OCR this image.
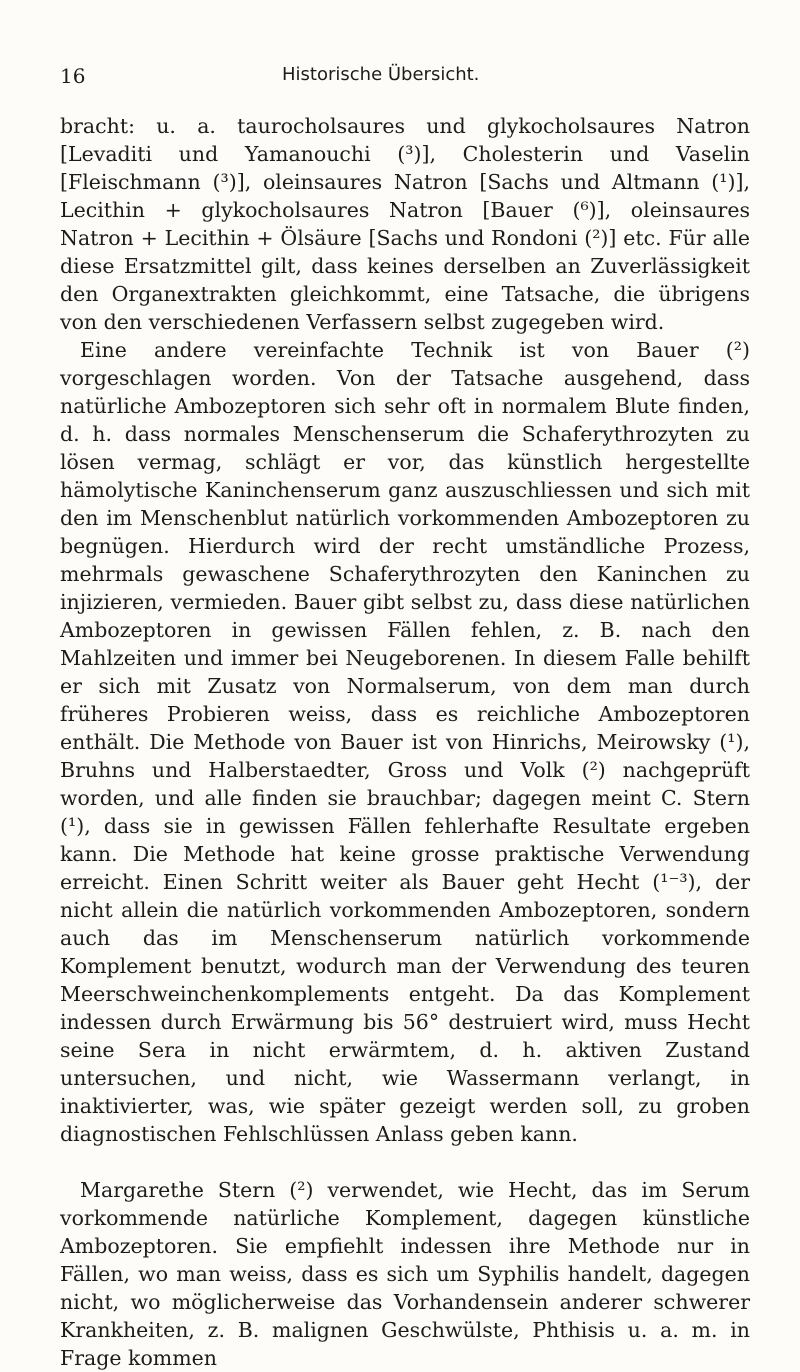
16	Historische Übersicht.

bracht: u. a. taurocholsaures und glykocholsaures Natron [Levaditi und Yamanouchi (³)], Cholesterin und Vaselin [Fleischmann (³)], oleinsaures Natron [Sachs und Altmann (¹)], Lecithin + glykocholsaures Natron [Bauer (⁶)], oleinsaures Natron + Lecithin + Ölsäure [Sachs und Rondoni (²)] etc. Für alle diese Ersatzmittel gilt, dass keines derselben an Zuverlässigkeit den Organextrakten gleichkommt, eine Tatsache, die übrigens von den verschiedenen Verfassern selbst zugegeben wird.

Eine andere vereinfachte Technik ist von Bauer (²) vorgeschlagen worden. Von der Tatsache ausgehend, dass natürliche Ambozeptoren sich sehr oft in normalem Blute finden, d. h. dass normales Menschenserum die Schaferythrozyten zu lösen vermag, schlägt er vor, das künstlich hergestellte hämolytische Kaninchenserum ganz auszuschliessen und sich mit den im Menschenblut natürlich vorkommenden Ambozeptoren zu begnügen. Hierdurch wird der recht umständliche Prozess, mehrmals gewaschene Schaferythrozyten den Kaninchen zu injizieren, vermieden. Bauer gibt selbst zu, dass diese natürlichen Ambozeptoren in gewissen Fällen fehlen, z. B. nach den Mahlzeiten und immer bei Neugeborenen. In diesem Falle behilft er sich mit Zusatz von Normalserum, von dem man durch früheres Probieren weiss, dass es reichliche Ambozeptoren enthält. Die Methode von Bauer ist von Hinrichs, Meirowsky (¹), Bruhns und Halberstaedter, Gross und Volk (²) nachgeprüft worden, und alle finden sie brauchbar; dagegen meint C. Stern (¹), dass sie in gewissen Fällen fehlerhafte Resultate ergeben kann. Die Methode hat keine grosse praktische Verwendung erreicht. Einen Schritt weiter als Bauer geht Hecht (¹⁻³), der nicht allein die natürlich vorkommenden Ambozeptoren, sondern auch das im Menschenserum natürlich vorkommende Komplement benutzt, wodurch man der Verwendung des teuren Meerschweinchenkomplements entgeht. Da das Komplement indessen durch Erwärmung bis 56° destruiert wird, muss Hecht seine Sera in nicht erwärmtem, d. h. aktiven Zustand untersuchen, und nicht, wie Wassermann verlangt, in inaktivierter, was, wie später gezeigt werden soll, zu groben diagnostischen Fehlschlüssen Anlass geben kann.

Margarethe Stern (²) verwendet, wie Hecht, das im Serum vorkommende natürliche Komplement, dagegen künstliche Ambozeptoren. Sie empfiehlt indessen ihre Methode nur in Fällen, wo man weiss, dass es sich um Syphilis handelt, dagegen nicht, wo möglicherweise das Vorhandensein anderer schwerer Krankheiten, z. B. malignen Geschwülste, Phthisis u. a. m. in Frage kommen
